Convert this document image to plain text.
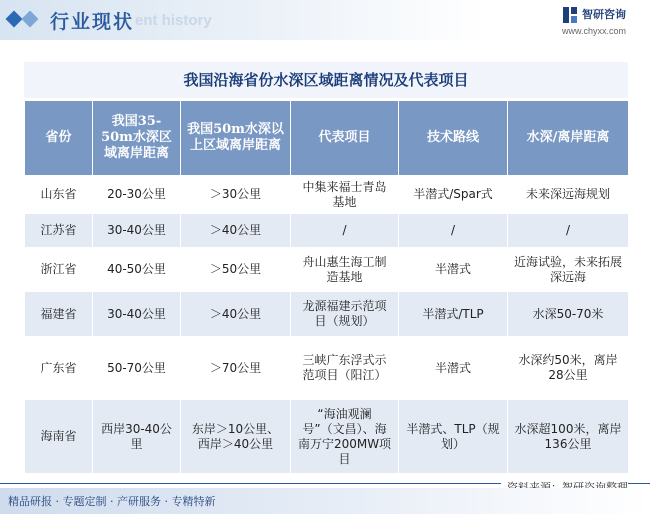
行业现状 ent history	智研咨询
www.chyxx.com
我国沿海省份水深区域距离情况及代表项目
省份	我国35-50m水深区域离岸距离	我国50m水深以上区域离岸距离	代表项目	技术路线	水深/离岸距离
山东省	20-30公里	＞30公里	中集来福士青岛基地	半潜式/Spar式	未来深远海规划
江苏省	30-40公里	＞40公里	/	/	/
浙江省	40-50公里	＞50公里	舟山惠生海工制造基地	半潜式	近海试验，未来拓展深远海
福建省	30-40公里	＞40公里	龙源福建示范项目（规划）	半潜式/TLP	水深50-70米
广东省	50-70公里	＞70公里	三峡广东浮式示范项目（阳江）	半潜式	水深约50米，离岸28公里
海南省	西岸30-40公里	东岸＞10公里、西岸＞40公里	“海油观澜号”（文昌）、海南万宁200MW项目	半潜式、TLP（规划）	水深超100米，离岸136公里
精品研报 · 专题定制 · 产研服务 · 专精特新
